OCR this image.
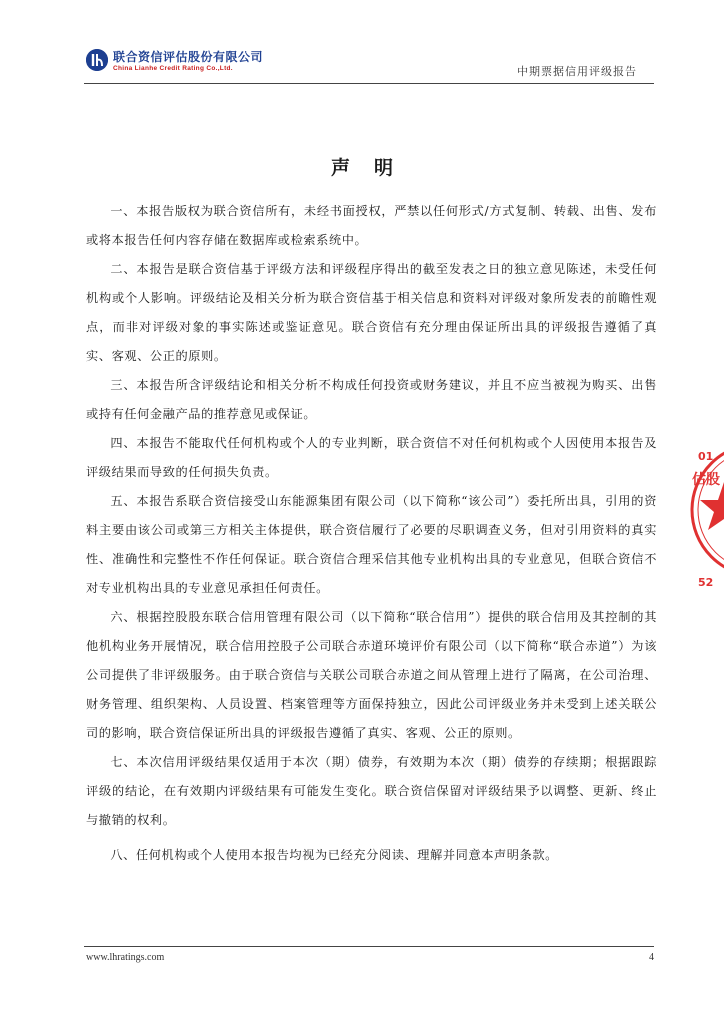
联合资信评估股份有限公司
China Lianhe Credit Rating Co.,Ltd.	中期票据信用评级报告
声明

一、本报告版权为联合资信所有，未经书面授权，严禁以任何形式/方式复制、转载、出售、发布或将本报告任何内容存储在数据库或检索系统中。

二、本报告是联合资信基于评级方法和评级程序得出的截至发表之日的独立意见陈述，未受任何机构或个人影响。评级结论及相关分析为联合资信基于相关信息和资料对评级对象所发表的前瞻性观点，而非对评级对象的事实陈述或鉴证意见。联合资信有充分理由保证所出具的评级报告遵循了真实、客观、公正的原则。

三、本报告所含评级结论和相关分析不构成任何投资或财务建议，并且不应当被视为购买、出售或持有任何金融产品的推荐意见或保证。

四、本报告不能取代任何机构或个人的专业判断，联合资信不对任何机构或个人因使用本报告及评级结果而导致的任何损失负责。

五、本报告系联合资信接受山东能源集团有限公司（以下简称“该公司”）委托所出具，引用的资料主要由该公司或第三方相关主体提供，联合资信履行了必要的尽职调查义务，但对引用资料的真实性、准确性和完整性不作任何保证。联合资信合理采信其他专业机构出具的专业意见，但联合资信不对专业机构出具的专业意见承担任何责任。

六、根据控股股东联合信用管理有限公司（以下简称“联合信用”）提供的联合信用及其控制的其他机构业务开展情况，联合信用控股子公司联合赤道环境评价有限公司（以下简称“联合赤道”）为该公司提供了非评级服务。由于联合资信与关联公司联合赤道之间从管理上进行了隔离，在公司治理、财务管理、组织架构、人员设置、档案管理等方面保持独立，因此公司评级业务并未受到上述关联公司的影响，联合资信保证所出具的评级报告遵循了真实、客观、公正的原则。

七、本次信用评级结果仅适用于本次（期）债券，有效期为本次（期）债券的存续期；根据跟踪评级的结论，在有效期内评级结果有可能发生变化。联合资信保留对评级结果予以调整、更新、终止与撤销的权利。

八、任何机构或个人使用本报告均视为已经充分阅读、理解并同意本声明条款。

01
估股
52
www.lhratings.com	4
